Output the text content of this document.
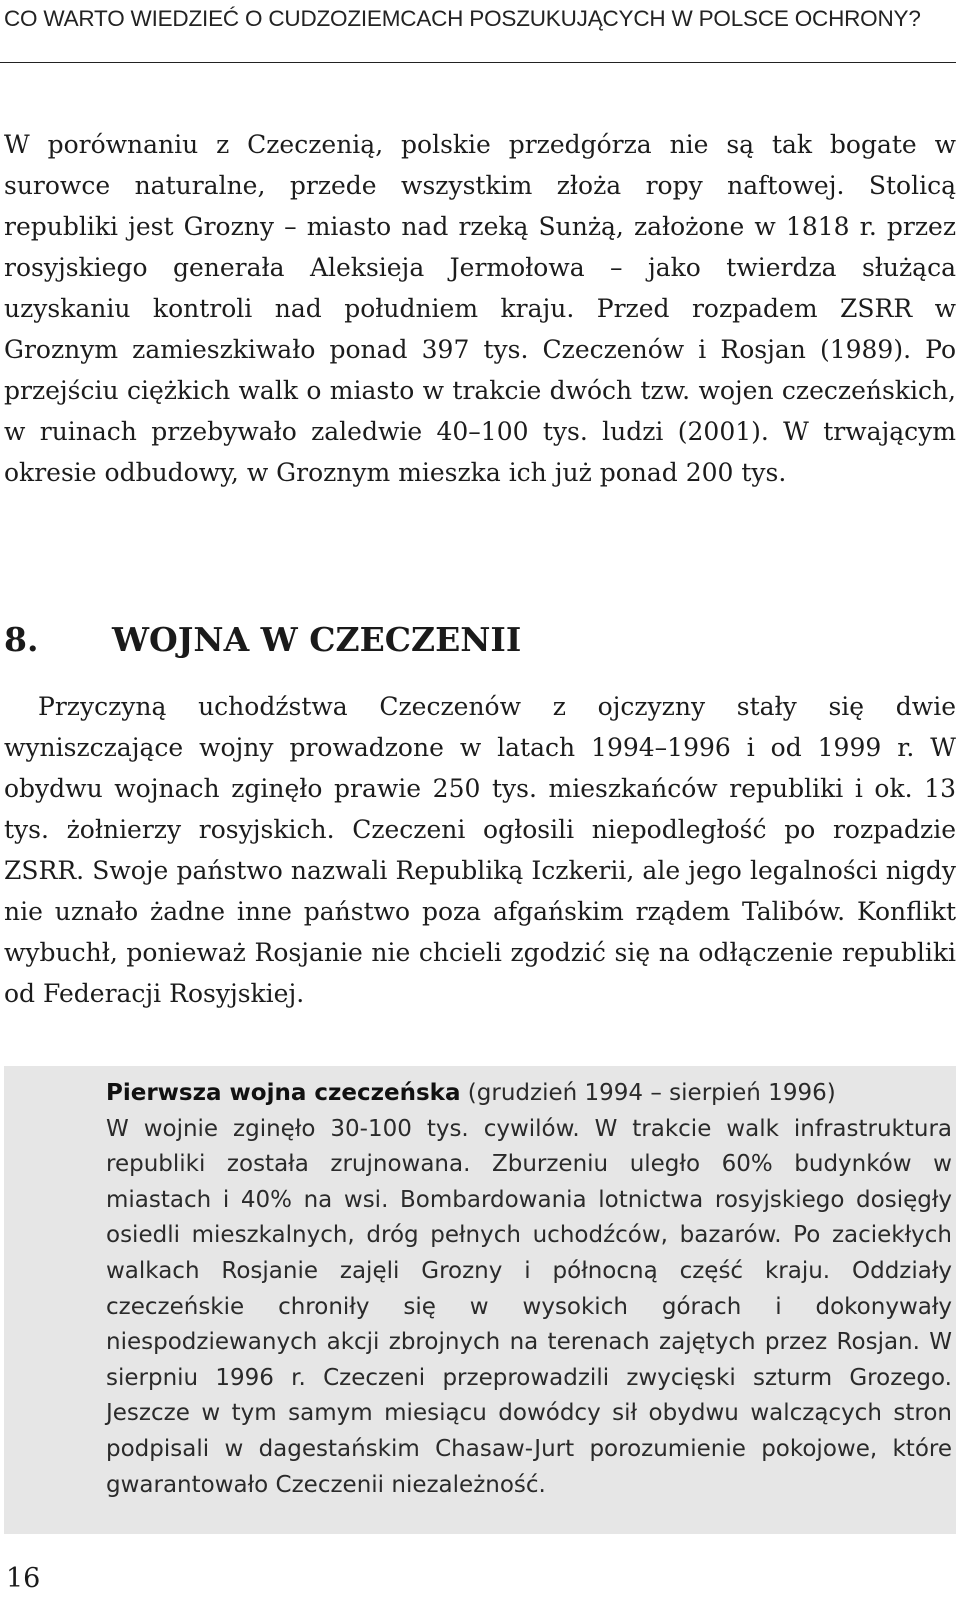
CO WARTO WIEDZIEĆ O CUDZOZIEMCACH POSZUKUJĄCYCH W POLSCE OCHRONY?

W porównaniu z Czeczenią, polskie przedgórza nie są tak bogate w surowce naturalne, przede wszystkim złoża ropy naftowej. Stolicą republiki jest Grozny – miasto nad rzeką Sunżą, założone w 1818 r. przez rosyjskiego generała Aleksieja Jermołowa – jako twierdza służąca uzyskaniu kontroli nad południem kraju. Przed rozpadem ZSRR w Groznym zamieszkiwało ponad 397 tys. Czeczenów i Rosjan (1989). Po przejściu ciężkich walk o miasto w trakcie dwóch tzw. wojen czeczeńskich, w ruinach przebywało zaledwie 40–100 tys. ludzi (2001). W trwającym okresie odbudowy, w Groznym mieszka ich już ponad 200 tys.

8. WOJNA W CZECZENII

Przyczyną uchodźstwa Czeczenów z ojczyzny stały się dwie wyniszczające wojny prowadzone w latach 1994–1996 i od 1999 r. W obydwu wojnach zginęło prawie 250 tys. mieszkańców republiki i ok. 13 tys. żołnierzy rosyjskich. Czeczeni ogłosili niepodległość po rozpadzie ZSRR. Swoje państwo nazwali Republiką Iczkerii, ale jego legalności nigdy nie uznało żadne inne państwo poza afgańskim rządem Talibów. Konflikt wybuchł, ponieważ Rosjanie nie chcieli zgodzić się na odłączenie republiki od Federacji Rosyjskiej.

Pierwsza wojna czeczeńska (grudzień 1994 – sierpień 1996)
W wojnie zginęło 30-100 tys. cywilów. W trakcie walk infrastruktura republiki została zrujnowana. Zburzeniu uległo 60% budynków w miastach i 40% na wsi. Bombardowania lotnictwa rosyjskiego dosięgły osiedli mieszkalnych, dróg pełnych uchodźców, bazarów. Po zaciekłych walkach Rosjanie zajęli Grozny i północną część kraju. Oddziały czeczeńskie chroniły się w wysokich górach i dokonywały niespodziewanych akcji zbrojnych na terenach zajętych przez Rosjan. W sierpniu 1996 r. Czeczeni przeprowadzili zwycięski szturm Grozego. Jeszcze w tym samym miesiącu dowódcy sił obydwu walczących stron podpisali w dagestańskim Chasaw-Jurt porozumienie pokojowe, które gwarantowało Czeczenii niezależność.

16
